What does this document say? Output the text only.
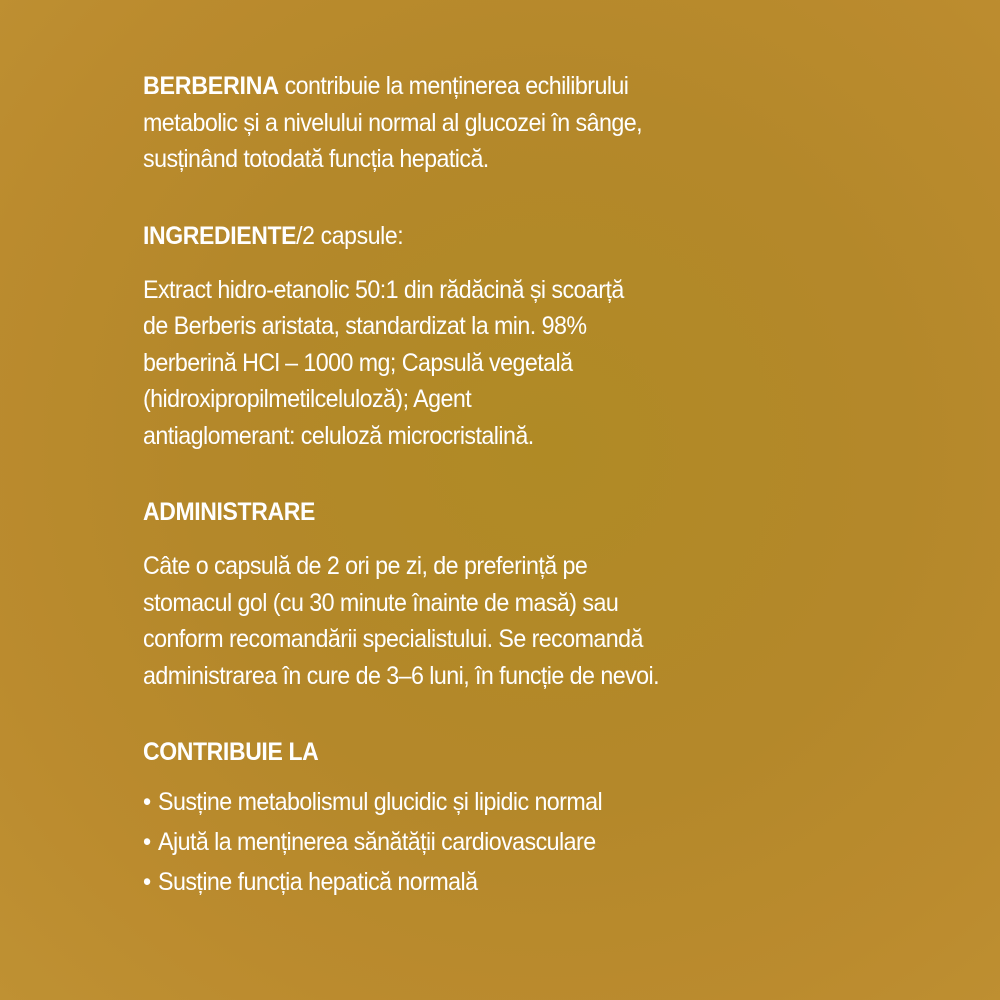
BERBERINA contribuie la menținerea echilibrului
metabolic și a nivelului normal al glucozei în sânge,
susținând totodată funcția hepatică.
INGREDIENTE/2 capsule:
Extract hidro-etanolic 50:1 din rădăcină și scoarță
de Berberis aristata, standardizat la min. 98%
berberină HCl – 1000 mg; Capsulă vegetală
(hidroxipropilmetilceluloză); Agent
antiaglomerant: celuloză microcristalină.
ADMINISTRARE
Câte o capsulă de 2 ori pe zi, de preferință pe
stomacul gol (cu 30 minute înainte de masă) sau
conform recomandării specialistului. Se recomandă
administrarea în cure de 3–6 luni, în funcție de nevoi.
CONTRIBUIE LA
• Susține metabolismul glucidic și lipidic normal
• Ajută la menținerea sănătății cardiovasculare
• Susține funcția hepatică normală
